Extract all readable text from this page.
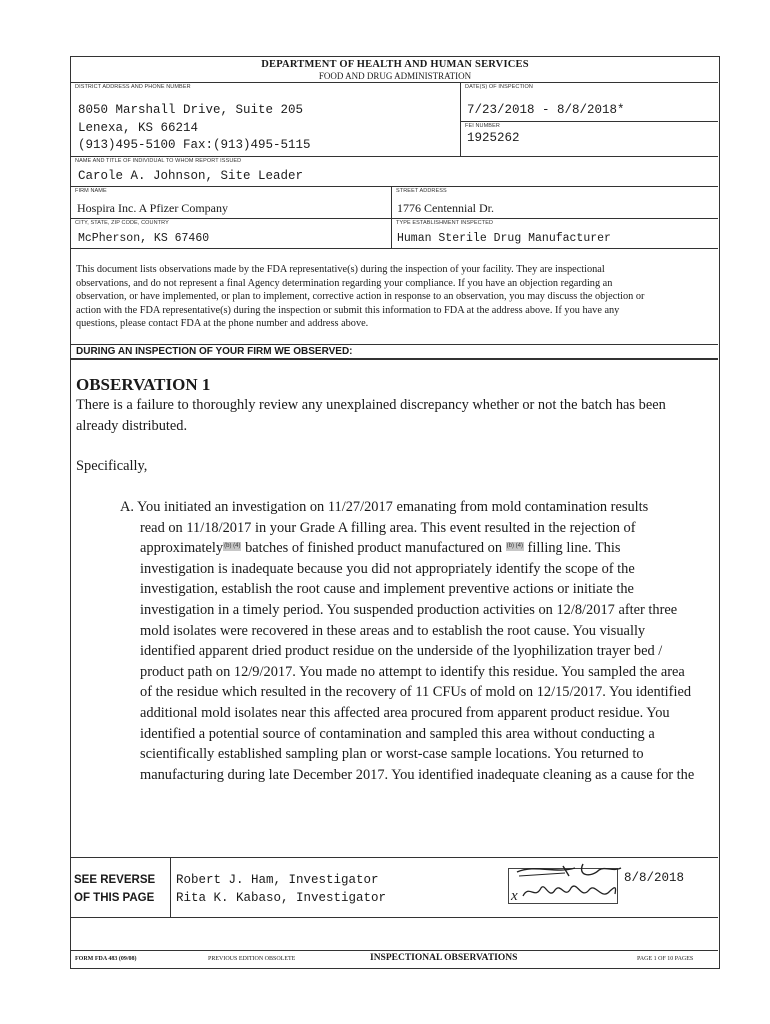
DEPARTMENT OF HEALTH AND HUMAN SERVICES
FOOD AND DRUG ADMINISTRATION
DISTRICT ADDRESS AND PHONE NUMBER	DATE(S) OF INSPECTION
8050 Marshall Drive, Suite 205
Lenexa, KS 66214
(913)495-5100 Fax:(913)495-5115
7/23/2018 - 8/8/2018*
FEI NUMBER
1925262
NAME AND TITLE OF INDIVIDUAL TO WHOM REPORT ISSUED
Carole A. Johnson, Site Leader
FIRM NAME
Hospira Inc. A Pfizer Company
STREET ADDRESS
1776 Centennial Dr.
CITY, STATE, ZIP CODE, COUNTRY
McPherson, KS 67460
TYPE ESTABLISHMENT INSPECTED
Human Sterile Drug Manufacturer
This document lists observations made by the FDA representative(s) during the inspection of your facility. They are inspectional
observations, and do not represent a final Agency determination regarding your compliance. If you have an objection regarding an
observation, or have implemented, or plan to implement, corrective action in response to an observation, you may discuss the objection or
action with the FDA representative(s) during the inspection or submit this information to FDA at the address above. If you have any
questions, please contact FDA at the phone number and address above.
DURING AN INSPECTION OF YOUR FIRM WE OBSERVED:
OBSERVATION 1
There is a failure to thoroughly review any unexplained discrepancy whether or not the batch has been
already distributed.
Specifically,
A. You initiated an investigation on 11/27/2017 emanating from mold contamination results
read on 11/18/2017 in your Grade A filling area. This event resulted in the rejection of
approximately(b) (4) batches of finished product manufactured on (b) (4) filling line. This
investigation is inadequate because you did not appropriately identify the scope of the
investigation, establish the root cause and implement preventive actions or initiate the
investigation in a timely period. You suspended production activities on 12/8/2017 after three
mold isolates were recovered in these areas and to establish the root cause. You visually
identified apparent dried product residue on the underside of the lyophilization trayer bed /
product path on 12/9/2017. You made no attempt to identify this residue. You sampled the area
of the residue which resulted in the recovery of 11 CFUs of mold on 12/15/2017. You identified
additional mold isolates near this affected area procured from apparent product residue. You
identified a potential source of contamination and sampled this area without conducting a
scientifically established sampling plan or worst-case sample locations. You returned to
manufacturing during late December 2017. You identified inadequate cleaning as a cause for the
SEE REVERSE
OF THIS PAGE
Robert J. Ham, Investigator
Rita K. Kabaso, Investigator	x
8/8/2018
FORM FDA 483 (09/08)	PREVIOUS EDITION OBSOLETE	INSPECTIONAL OBSERVATIONS	PAGE 1 OF 10 PAGES
